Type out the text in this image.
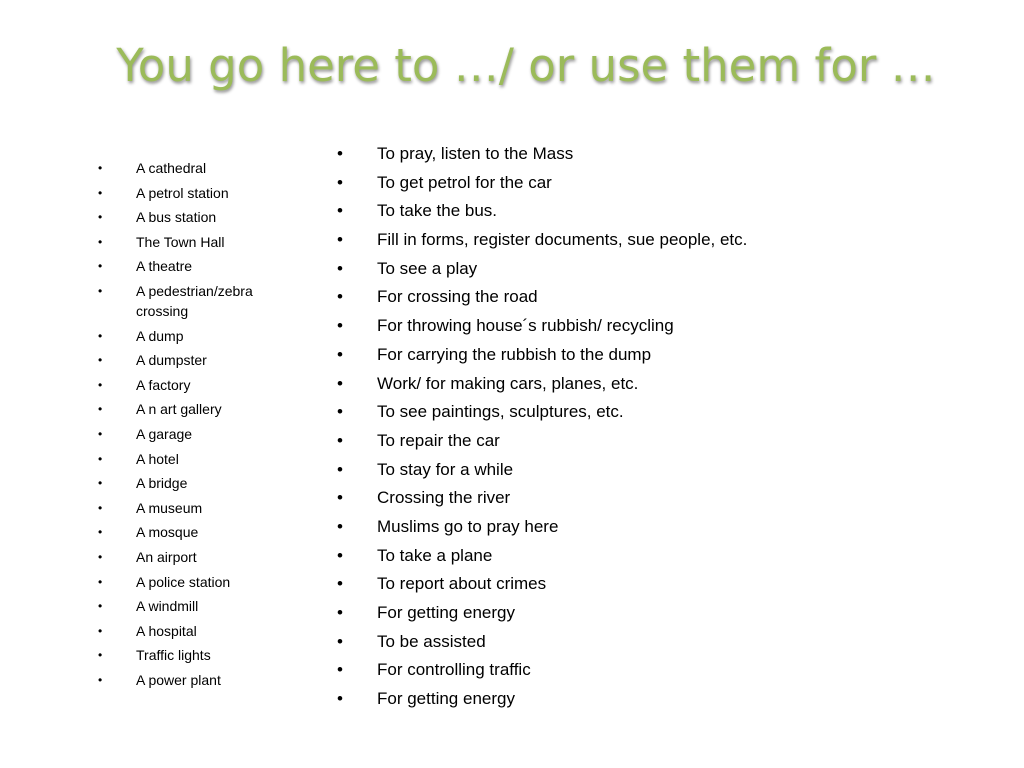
You go here to …/ or use them for …
• A cathedral
• A petrol station
• A bus station
• The Town Hall
• A theatre
• A pedestrian/zebra crossing
• A dump
• A dumpster
• A factory
• A n art gallery
• A garage
• A hotel
• A bridge
• A museum
• A mosque
• An airport
• A police station
• A windmill
• A hospital
• Traffic lights
• A power plant
• To pray, listen to the Mass
• To get petrol for the car
• To take the bus.
• Fill in forms, register documents, sue people, etc.
• To see a play
• For crossing the road
• For throwing house´s rubbish/ recycling
• For carrying the rubbish to the dump
• Work/ for making cars, planes, etc.
• To see paintings, sculptures, etc.
• To repair the car
• To stay for a while
• Crossing the river
• Muslims go to pray here
• To take a plane
• To report about crimes
• For getting energy
• To be assisted
• For controlling traffic
• For getting energy
